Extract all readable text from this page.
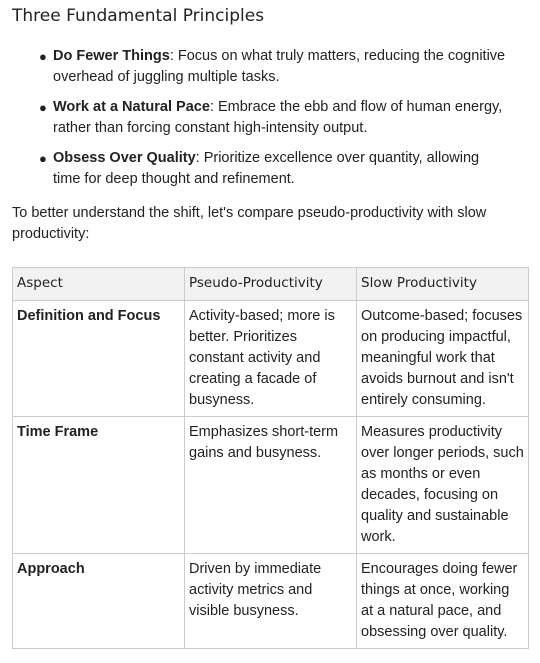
Three Fundamental Principles
● Do Fewer Things: Focus on what truly matters, reducing the cognitive overhead of juggling multiple tasks.
● Work at a Natural Pace: Embrace the ebb and flow of human energy, rather than forcing constant high-intensity output.
● Obsess Over Quality: Prioritize excellence over quantity, allowing time for deep thought and refinement.

To better understand the shift, let's compare pseudo-productivity with slow productivity:

Aspect	Pseudo-Productivity	Slow Productivity
Definition and Focus	Activity-based; more is better. Prioritizes constant activity and creating a facade of busyness.	Outcome-based; focuses on producing impactful, meaningful work that avoids burnout and isn't entirely consuming.
Time Frame	Emphasizes short-term gains and busyness.	Measures productivity over longer periods, such as months or even decades, focusing on quality and sustainable work.
Approach	Driven by immediate activity metrics and visible busyness.	Encourages doing fewer things at once, working at a natural pace, and obsessing over quality.
